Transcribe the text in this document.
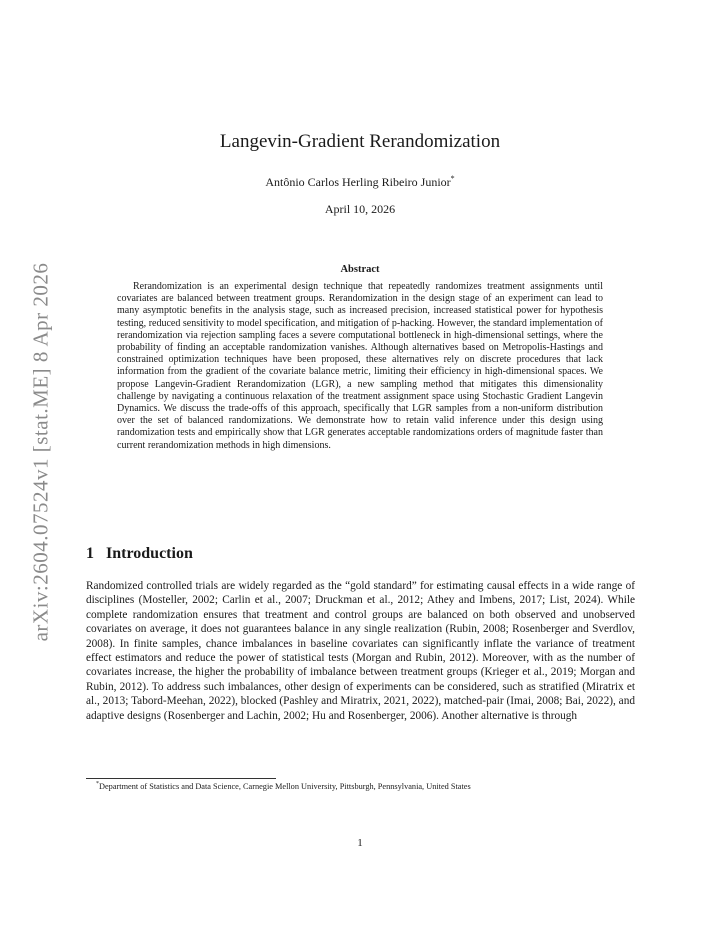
arXiv:2604.07524v1 [stat.ME] 8 Apr 2026
Langevin-Gradient Rerandomization
Antônio Carlos Herling Ribeiro Junior*
April 10, 2026
Abstract

Rerandomization is an experimental design technique that repeatedly randomizes treatment assignments until covariates are balanced between treatment groups. Rerandomization in the design stage of an experiment can lead to many asymptotic benefits in the analysis stage, such as increased precision, increased statistical power for hypothesis testing, reduced sensitivity to model specification, and mitigation of p-hacking. However, the standard implementation of rerandomization via rejection sampling faces a severe computational bottleneck in high-dimensional settings, where the probability of finding an acceptable randomization vanishes. Although alternatives based on Metropolis-Hastings and constrained optimization techniques have been proposed, these alternatives rely on discrete procedures that lack information from the gradient of the covariate balance metric, limiting their efficiency in high-dimensional spaces. We propose Langevin-Gradient Rerandomization (LGR), a new sampling method that mitigates this dimensionality challenge by navigating a continuous relaxation of the treatment assignment space using Stochastic Gradient Langevin Dynamics. We discuss the trade-offs of this approach, specifically that LGR samples from a non-uniform distribution over the set of balanced randomizations. We demonstrate how to retain valid inference under this design using randomization tests and empirically show that LGR generates acceptable randomizations orders of magnitude faster than current rerandomization methods in high dimensions.

1 Introduction

Randomized controlled trials are widely regarded as the “gold standard” for estimating causal effects in a wide range of disciplines (Mosteller, 2002; Carlin et al., 2007; Druckman et al., 2012; Athey and Imbens, 2017; List, 2024). While complete randomization ensures that treatment and control groups are balanced on both observed and unobserved covariates on average, it does not guarantees balance in any single realization (Rubin, 2008; Rosenberger and Sverdlov, 2008). In finite samples, chance imbalances in baseline covariates can significantly inflate the variance of treatment effect estimators and reduce the power of statistical tests (Morgan and Rubin, 2012). Moreover, with as the number of covariates increase, the higher the probability of imbalance between treatment groups (Krieger et al., 2019; Morgan and Rubin, 2012). To address such imbalances, other design of experiments can be considered, such as stratified (Miratrix et al., 2013; Tabord-Meehan, 2022), blocked (Pashley and Miratrix, 2021, 2022), matched-pair (Imai, 2008; Bai, 2022), and adaptive designs (Rosenberger and Lachin, 2002; Hu and Rosenberger, 2006). Another alternative is through

*Department of Statistics and Data Science, Carnegie Mellon University, Pittsburgh, Pennsylvania, United States
1
